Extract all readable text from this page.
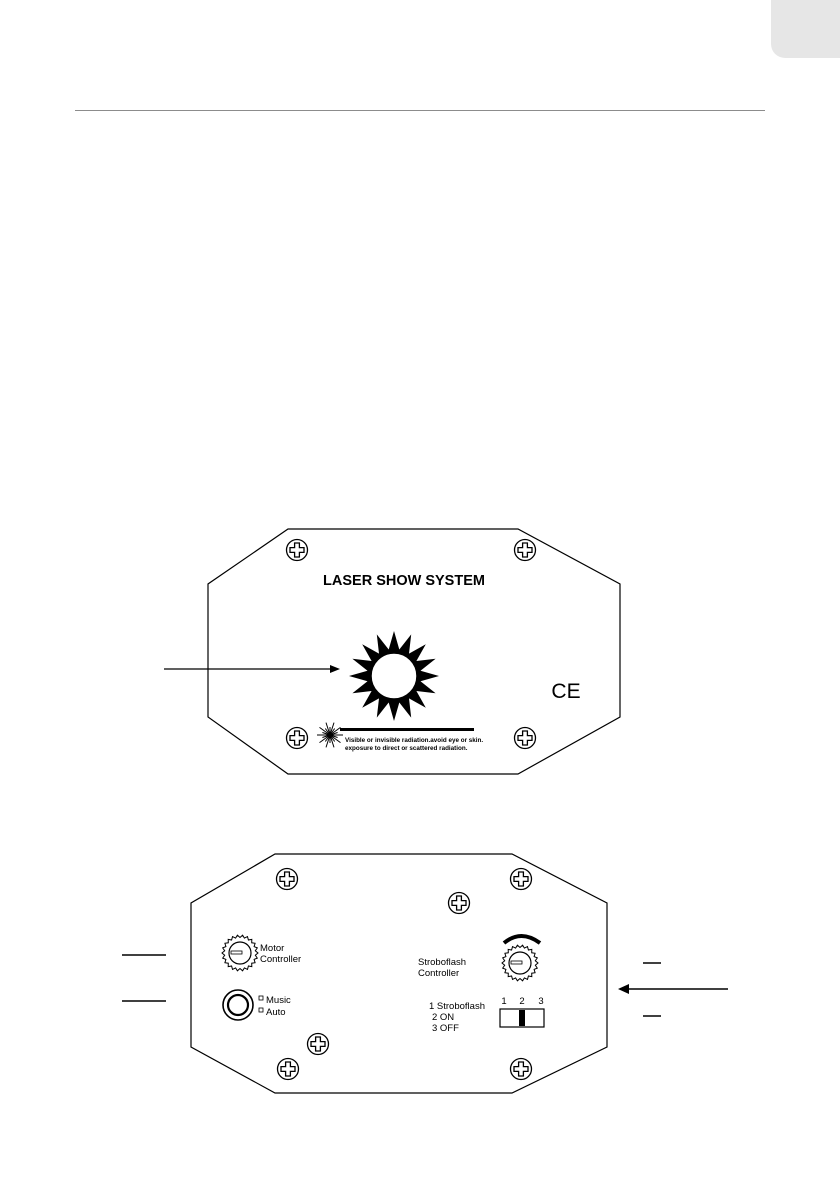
LASER SHOW SYSTEM
CE
Visible or invisible radiation.avoid eye or skin.
exposure to direct or scattered radiation.
Motor
Controller
Music
Auto
Stroboflash
Controller
1 Stroboflash
2 ON
3 OFF
1 2 3
